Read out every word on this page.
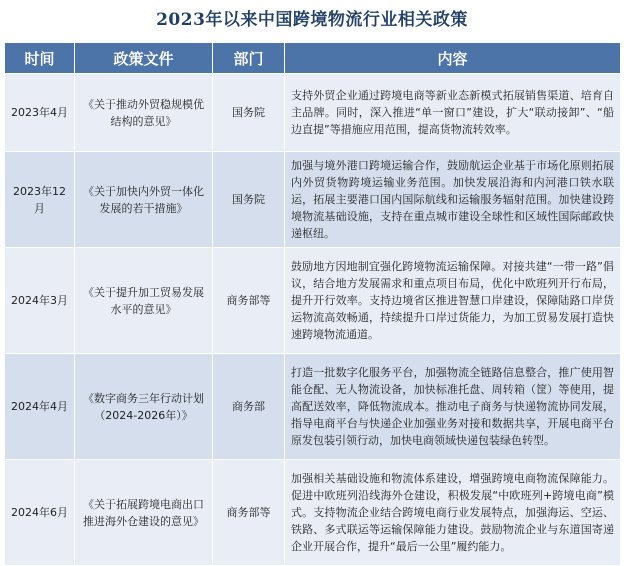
2023年以来中国跨境物流行业相关政策
时间	政策文件	部门	内容
2023年4月	《关于推动外贸稳规模优结构的意见》	国务院	支持外贸企业通过跨境电商等新业态新模式拓展销售渠道、培育自主品牌。同时，深入推进“单一窗口”建设，扩大“联动接卸”、“船边直提”等措施应用范围，提高货物流转效率。
2023年12月	《关于加快内外贸一体化发展的若干措施》	国务院	加强与境外港口跨境运输合作，鼓励航运企业基于市场化原则拓展内外贸货物跨境运输业务范围。加快发展沿海和内河港口铁水联运，拓展主要港口国内国际航线和运输服务辐射范围。加快建设跨境物流基础设施，支持在重点城市建设全球性和区域性国际邮政快递枢纽。
2024年3月	《关于提升加工贸易发展水平的意见》	商务部等	鼓励地方因地制宜强化跨境物流运输保障。对接共建“一带一路”倡议，结合地方发展需求和重点项目布局，优化中欧班列开行布局，提升开行效率。支持边境省区推进智慧口岸建设，保障陆路口岸货运物流高效畅通，持续提升口岸过货能力，为加工贸易发展打造快速跨境物流通道。
2024年4月	《数字商务三年行动计划（2024-2026年）》	商务部	打造一批数字化服务平台，加强物流全链路信息整合，推广使用智能仓配、无人物流设备，加快标准托盘、周转箱（筐）等使用，提高配送效率，降低物流成本。推动电子商务与快递物流协同发展，指导电商平台与快递企业加强业务对接和数据共享，开展电商平台原发包装引领行动，加快电商领域快递包装绿色转型。
2024年6月	《关于拓展跨境电商出口推进海外仓建设的意见》	商务部等	加强相关基础设施和物流体系建设，增强跨境电商物流保障能力。促进中欧班列沿线海外仓建设，积极发展“中欧班列+跨境电商”模式。支持物流企业结合跨境电商行业发展特点，加强海运、空运、铁路、多式联运等运输保障能力建设。鼓励物流企业与东道国寄递企业开展合作，提升“最后一公里”履约能力。
